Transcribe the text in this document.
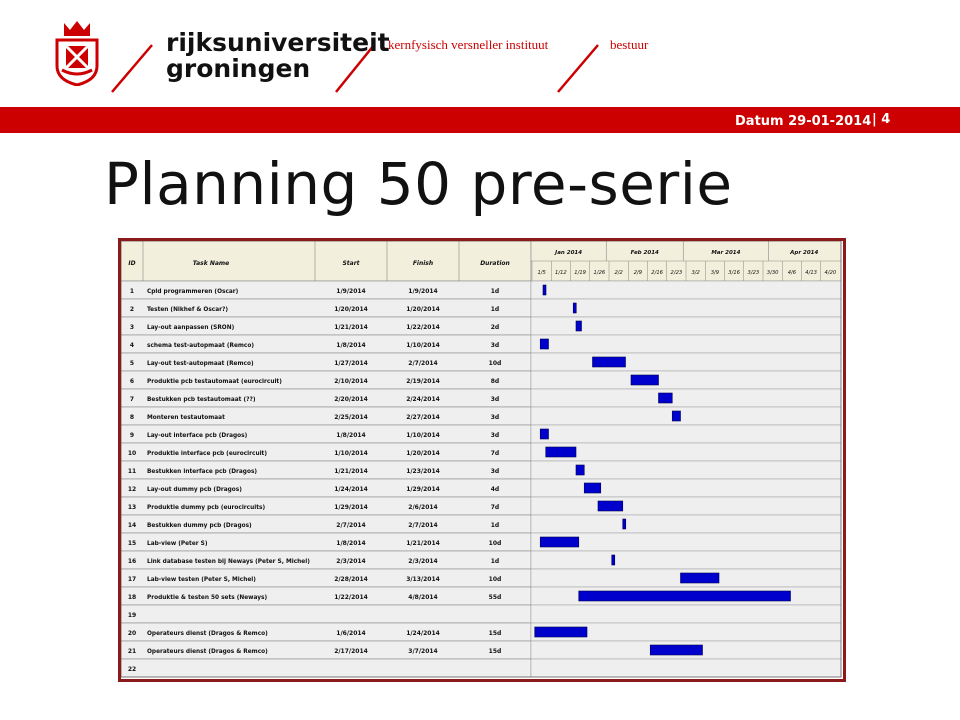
rijksuniversiteit
groningen
kernfysisch versneller instituut	bestuur
Datum 29-01-2014 | 4
Planning 50 pre-serie
ID	Task Name	Start	Finish	Duration
Jan 2014	Feb 2014	Mar 2014	Apr 2014
1/5 1/12 1/19 1/26 2/2 2/9 2/16 2/23 3/2 3/9 3/16 3/23 3/30 4/6 4/13 4/20
1 Cpld programmeren (Oscar)	1/9/2014	1/9/2014	1d
2 Testen (Nikhef & Oscar?)	1/20/2014	1/20/2014	1d
3 Lay-out aanpassen (SRON)	1/21/2014	1/22/2014	2d
4 schema test-autopmaat (Remco)	1/8/2014	1/10/2014	3d
5 Lay-out test-autopmaat (Remco)	1/27/2014	2/7/2014	10d
6 Produktie pcb testautomaat (eurocircuit)	2/10/2014	2/19/2014	8d
7 Bestukken pcb testautomaat (??)	2/20/2014	2/24/2014	3d
8 Monteren testautomaat	2/25/2014	2/27/2014	3d
9 Lay-out interface pcb (Dragos)	1/8/2014	1/10/2014	3d
10 Produktie interface pcb (eurocircuit)	1/10/2014	1/20/2014	7d
11 Bestukken interface pcb (Dragos)	1/21/2014	1/23/2014	3d
12 Lay-out dummy pcb (Dragos)	1/24/2014	1/29/2014	4d
13 Produktie dummy pcb (eurocircuits)	1/29/2014	2/6/2014	7d
14 Bestukken dummy pcb (Dragos)	2/7/2014	2/7/2014	1d
15 Lab-view (Peter S)	1/8/2014	1/21/2014	10d
16 Link database testen bij Neways (Peter S, Michel)	2/3/2014	2/3/2014	1d
17 Lab-view testen (Peter S, Michel)	2/28/2014	3/13/2014	10d
18 Produktie & testen 50 sets (Neways)	1/22/2014	4/8/2014	55d
19
20 Operateurs dienst (Dragos & Remco)	1/6/2014	1/24/2014	15d
21 Operateurs dienst (Dragos & Remco)	2/17/2014	3/7/2014	15d
22
